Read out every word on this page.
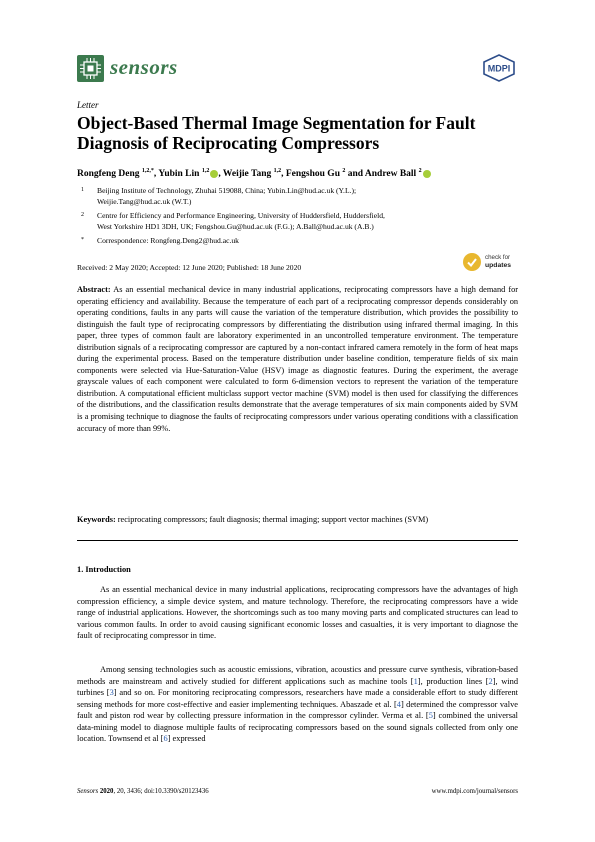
sensors	MDPI
Letter
Object-Based Thermal Image Segmentation for Fault Diagnosis of Reciprocating Compressors
Rongfeng Deng $^{1,2,*}$, Yubin Lin $^{1,2}$ , Weijie Tang $^{1,2}$, Fengshou Gu $^2$ and Andrew Ball $^2$
1 Beijing Institute of Technology, Zhuhai 519088, China; Yubin.Lin@hud.ac.uk (Y.L.);
Weijie.Tang@hud.ac.uk (W.T.)
2 Centre for Efficiency and Performance Engineering, University of Huddersfield, Huddersfield,
West Yorkshire HD1 3DH, UK; Fengshou.Gu@hud.ac.uk (F.G.); A.Ball@hud.ac.uk (A.B.)
* Correspondence: Rongfeng.Deng2@hud.ac.uk
Received: 2 May 2020; Accepted: 12 June 2020; Published: 18 June 2020
check for
updates
Abstract: As an essential mechanical device in many industrial applications, reciprocating compressors have a high demand for operating efficiency and availability. Because the temperature of each part of a reciprocating compressor depends considerably on operating conditions, faults in any parts will cause the variation of the temperature distribution, which provides the possibility to distinguish the fault type of reciprocating compressors by differentiating the distribution using infrared thermal imaging. In this paper, three types of common fault are laboratory experimented in an uncontrolled temperature environment. The temperature distribution signals of a reciprocating compressor are captured by a non-contact infrared camera remotely in the form of heat maps during the experimental process. Based on the temperature distribution under baseline condition, temperature fields of six main components were selected via Hue-Saturation-Value (HSV) image as diagnostic features. During the experiment, the average grayscale values of each component were calculated to form 6-dimension vectors to represent the variation of the temperature distribution. A computational efficient multiclass support vector machine (SVM) model is then used for classifying the differences of the distributions, and the classification results demonstrate that the average temperatures of six main components aided by SVM is a promising technique to diagnose the faults of reciprocating compressors under various operating conditions with a classification accuracy of more than 99%.
Keywords: reciprocating compressors; fault diagnosis; thermal imaging; support vector machines (SVM)
1. Introduction
As an essential mechanical device in many industrial applications, reciprocating compressors have the advantages of high compression efficiency, a simple device system, and mature technology. Therefore, the reciprocating compressors have a wide range of industrial applications. However, the shortcomings such as too many moving parts and complicated structures can lead to various common faults. In order to avoid causing significant economic losses and casualties, it is very important to diagnose the fault of reciprocating compressor in time.
Among sensing technologies such as acoustic emissions, vibration, acoustics and pressure curve synthesis, vibration-based methods are mainstream and actively studied for different applications such as machine tools [1], production lines [2], wind turbines [3] and so on. For monitoring reciprocating compressors, researchers have made a considerable effort to study different sensing methods for more cost-effective and easier implementing techniques. Abaszade et al. [4] determined the compressor valve fault and piston rod wear by collecting pressure information in the compressor cylinder. Verma et al. [5] combined the universal data-mining model to diagnose multiple faults of reciprocating compressors based on the sound signals collected from only one location. Townsend et al [6] expressed
Sensors 2020, 20, 3436; doi:10.3390/s20123436	www.mdpi.com/journal/sensors
